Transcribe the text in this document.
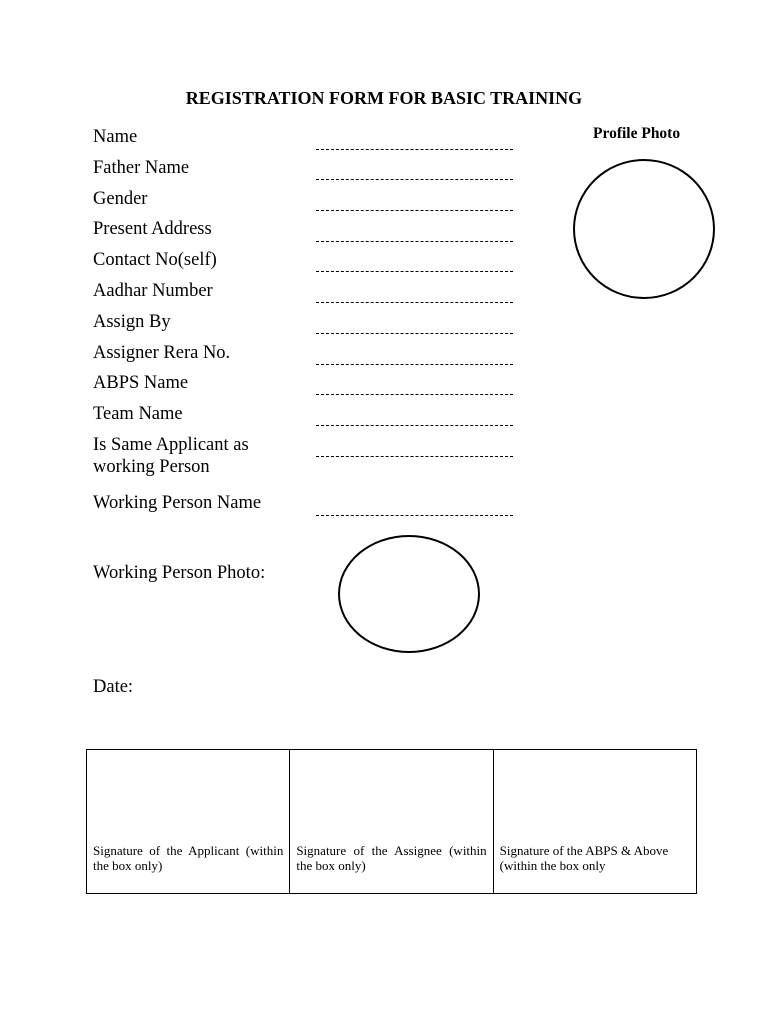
REGISTRATION FORM FOR BASIC TRAINING
Name
Father Name
Gender
Present Address
Contact No(self)
Aadhar Number
Assign By
Assigner Rera No.
ABPS Name
Team Name
Is Same Applicant as working Person
Working Person Name
Profile Photo
Working Person Photo:
Date:
Signature of the Applicant (within the box only)
Signature of the Assignee (within the box only)
Signature of the ABPS & Above (within the box only
